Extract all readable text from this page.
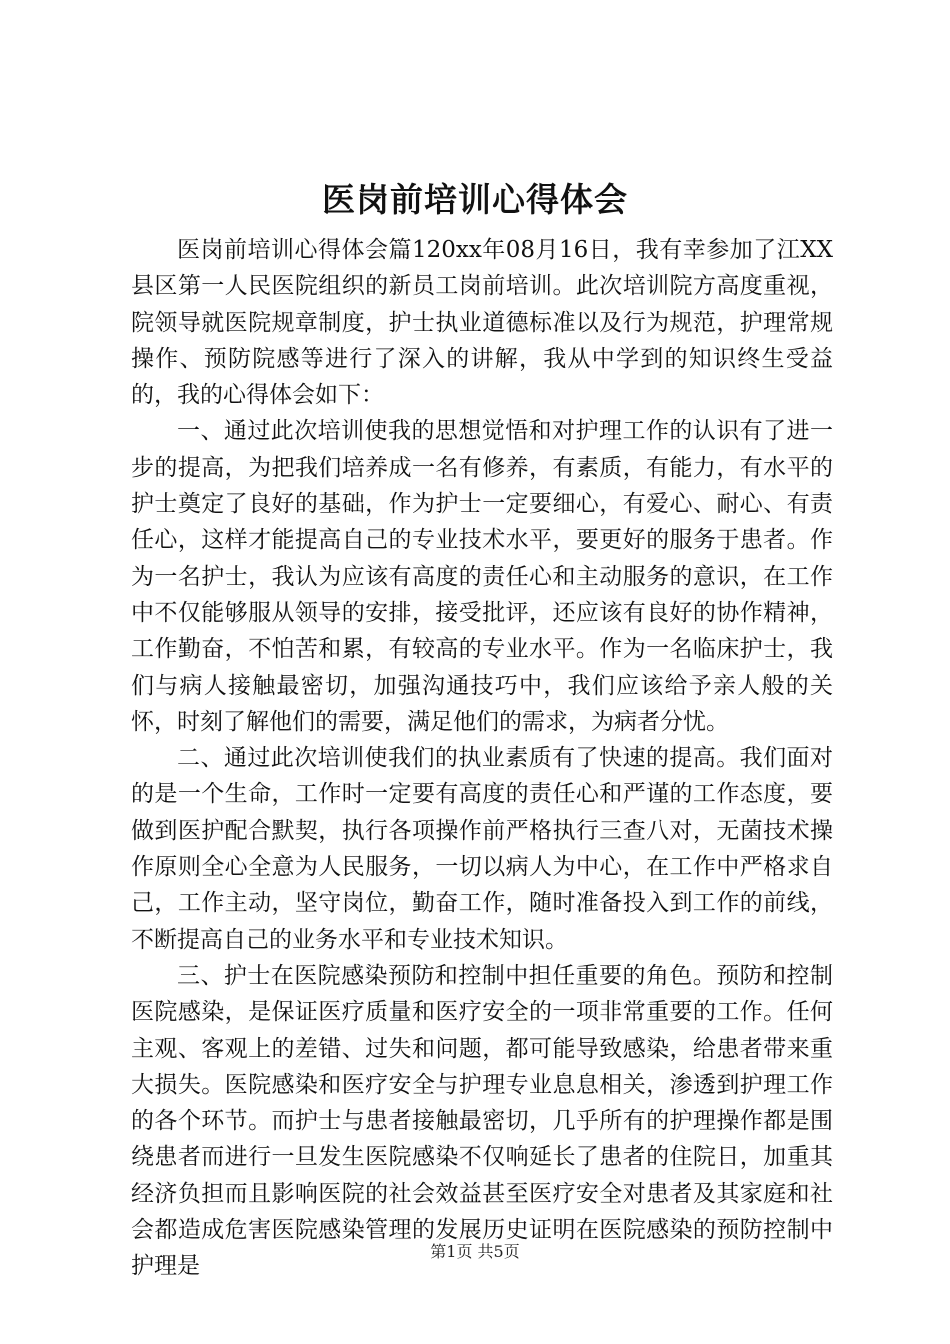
医岗前培训心得体会

医岗前培训心得体会篇120xx年08月16日，我有幸参加了江XX县区第一人民医院组织的新员工岗前培训。此次培训院方高度重视，院领导就医院规章制度，护士执业道德标准以及行为规范，护理常规操作、预防院感等进行了深入的讲解，我从中学到的知识终生受益的，我的心得体会如下：

一、通过此次培训使我的思想觉悟和对护理工作的认识有了进一步的提高，为把我们培养成一名有修养，有素质，有能力，有水平的护士奠定了良好的基础，作为护士一定要细心，有爱心、耐心、有责任心，这样才能提高自己的专业技术水平，要更好的服务于患者。作为一名护士，我认为应该有高度的责任心和主动服务的意识，在工作中不仅能够服从领导的安排，接受批评，还应该有良好的协作精神，工作勤奋，不怕苦和累，有较高的专业水平。作为一名临床护士，我们与病人接触最密切，加强沟通技巧中，我们应该给予亲人般的关怀，时刻了解他们的需要，满足他们的需求，为病者分忧。

二、通过此次培训使我们的执业素质有了快速的提高。我们面对的是一个生命，工作时一定要有高度的责任心和严谨的工作态度，要做到医护配合默契，执行各项操作前严格执行三查八对，无菌技术操作原则全心全意为人民服务，一切以病人为中心，在工作中严格求自己，工作主动，坚守岗位，勤奋工作，随时准备投入到工作的前线，不断提高自己的业务水平和专业技术知识。

三、护士在医院感染预防和控制中担任重要的角色。预防和控制医院感染，是保证医疗质量和医疗安全的一项非常重要的工作。任何主观、客观上的差错、过失和问题，都可能导致感染，给患者带来重大损失。医院感染和医疗安全与护理专业息息相关，渗透到护理工作的各个环节。而护士与患者接触最密切，几乎所有的护理操作都是围绕患者而进行一旦发生医院感染不仅响延长了患者的住院日，加重其经济负担而且影响医院的社会效益甚至医疗安全对患者及其家庭和社会都造成危害医院感染管理的发展历史证明在医院感染的预防控制中护理是

第1页 共5页
